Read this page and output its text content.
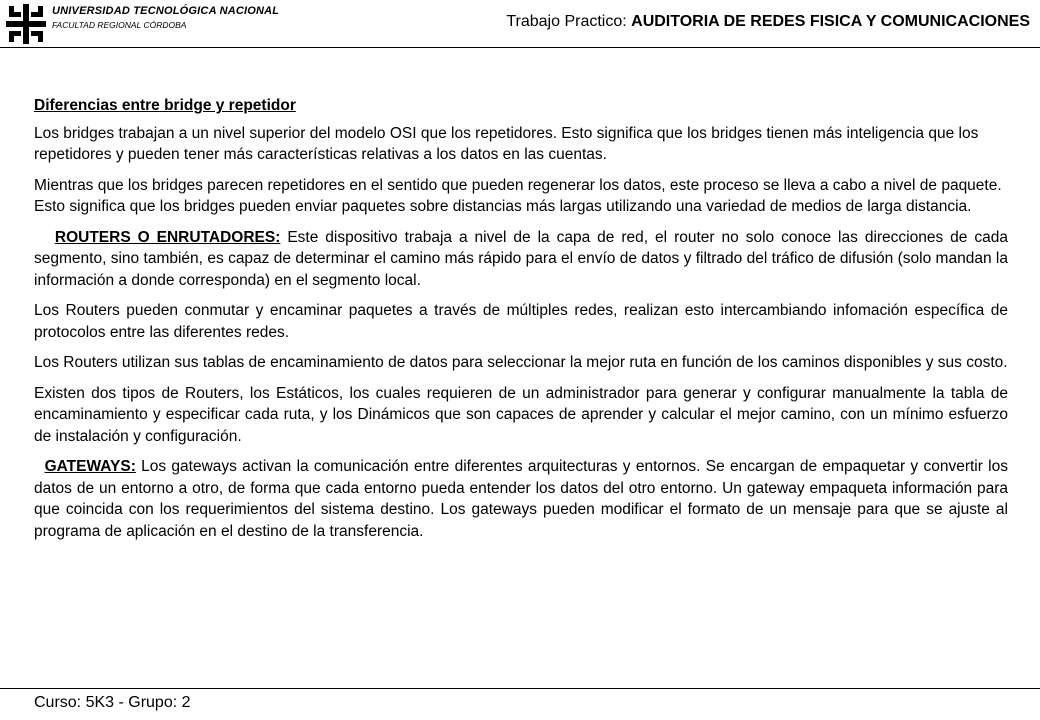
UNIVERSIDAD TECNOLÓGICA NACIONAL
FACULTAD REGIONAL CÓRDOBA	Trabajo Practico: AUDITORIA DE REDES FISICA Y COMUNICACIONES

Diferencias entre bridge y repetidor

Los bridges trabajan a un nivel superior del modelo OSI que los repetidores. Esto significa que los bridges tienen más inteligencia que los repetidores y pueden tener más características relativas a los datos en las cuentas.

Mientras que los bridges parecen repetidores en el sentido que pueden regenerar los datos, este proceso se lleva a cabo a nivel de paquete. Esto significa que los bridges pueden enviar paquetes sobre distancias más largas utilizando una variedad de medios de larga distancia.

ROUTERS O ENRUTADORES: Este dispositivo trabaja a nivel de la capa de red, el router no solo conoce las direcciones de cada segmento, sino también, es capaz de determinar el camino más rápido para el envío de datos y filtrado del tráfico de difusión (solo mandan la información a donde corresponda) en el segmento local.

Los Routers pueden conmutar y encaminar paquetes a través de múltiples redes, realizan esto intercambiando infomación específica de protocolos entre las diferentes redes.

Los Routers utilizan sus tablas de encaminamiento de datos para seleccionar la mejor ruta en función de los caminos disponibles y sus costo.

Existen dos tipos de Routers, los Estáticos, los cuales requieren de un administrador para generar y configurar manualmente la tabla de encaminamiento y especificar cada ruta, y los Dinámicos que son capaces de aprender y calcular el mejor camino, con un mínimo esfuerzo de instalación y configuración.

GATEWAYS: Los gateways activan la comunicación entre diferentes arquitecturas y entornos. Se encargan de empaquetar y convertir los datos de un entorno a otro, de forma que cada entorno pueda entender los datos del otro entorno. Un gateway empaqueta información para que coincida con los requerimientos del sistema destino. Los gateways pueden modificar el formato de un mensaje para que se ajuste al programa de aplicación en el destino de la transferencia.

Curso: 5K3 - Grupo: 2
